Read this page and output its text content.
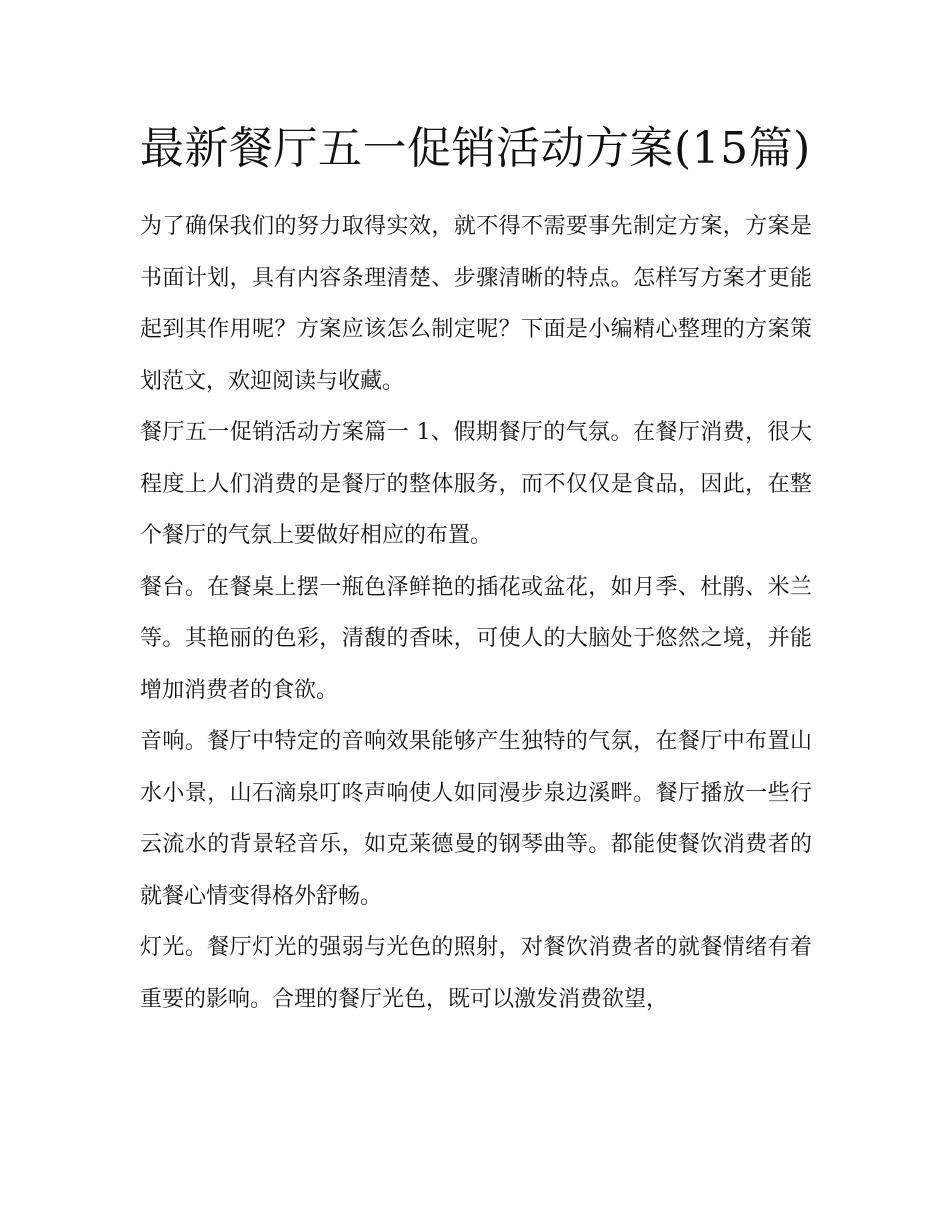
最新餐厅五一促销活动方案(15篇)

为了确保我们的努力取得实效，就不得不需要事先制定方案，方案是书面计划，具有内容条理清楚、步骤清晰的特点。怎样写方案才更能起到其作用呢？方案应该怎么制定呢？下面是小编精心整理的方案策划范文，欢迎阅读与收藏。

餐厅五一促销活动方案篇一 1、假期餐厅的气氛。在餐厅消费，很大程度上人们消费的是餐厅的整体服务，而不仅仅是食品，因此，在整个餐厅的气氛上要做好相应的布置。

餐台。在餐桌上摆一瓶色泽鲜艳的插花或盆花，如月季、杜鹃、米兰等。其艳丽的色彩，清馥的香味，可使人的大脑处于悠然之境，并能增加消费者的食欲。

音响。餐厅中特定的音响效果能够产生独特的气氛，在餐厅中布置山水小景，山石滴泉叮咚声响使人如同漫步泉边溪畔。餐厅播放一些行云流水的背景轻音乐，如克莱德曼的钢琴曲等。都能使餐饮消费者的就餐心情变得格外舒畅。

灯光。餐厅灯光的强弱与光色的照射，对餐饮消费者的就餐情绪有着重要的影响。合理的餐厅光色，既可以激发消费欲望，
